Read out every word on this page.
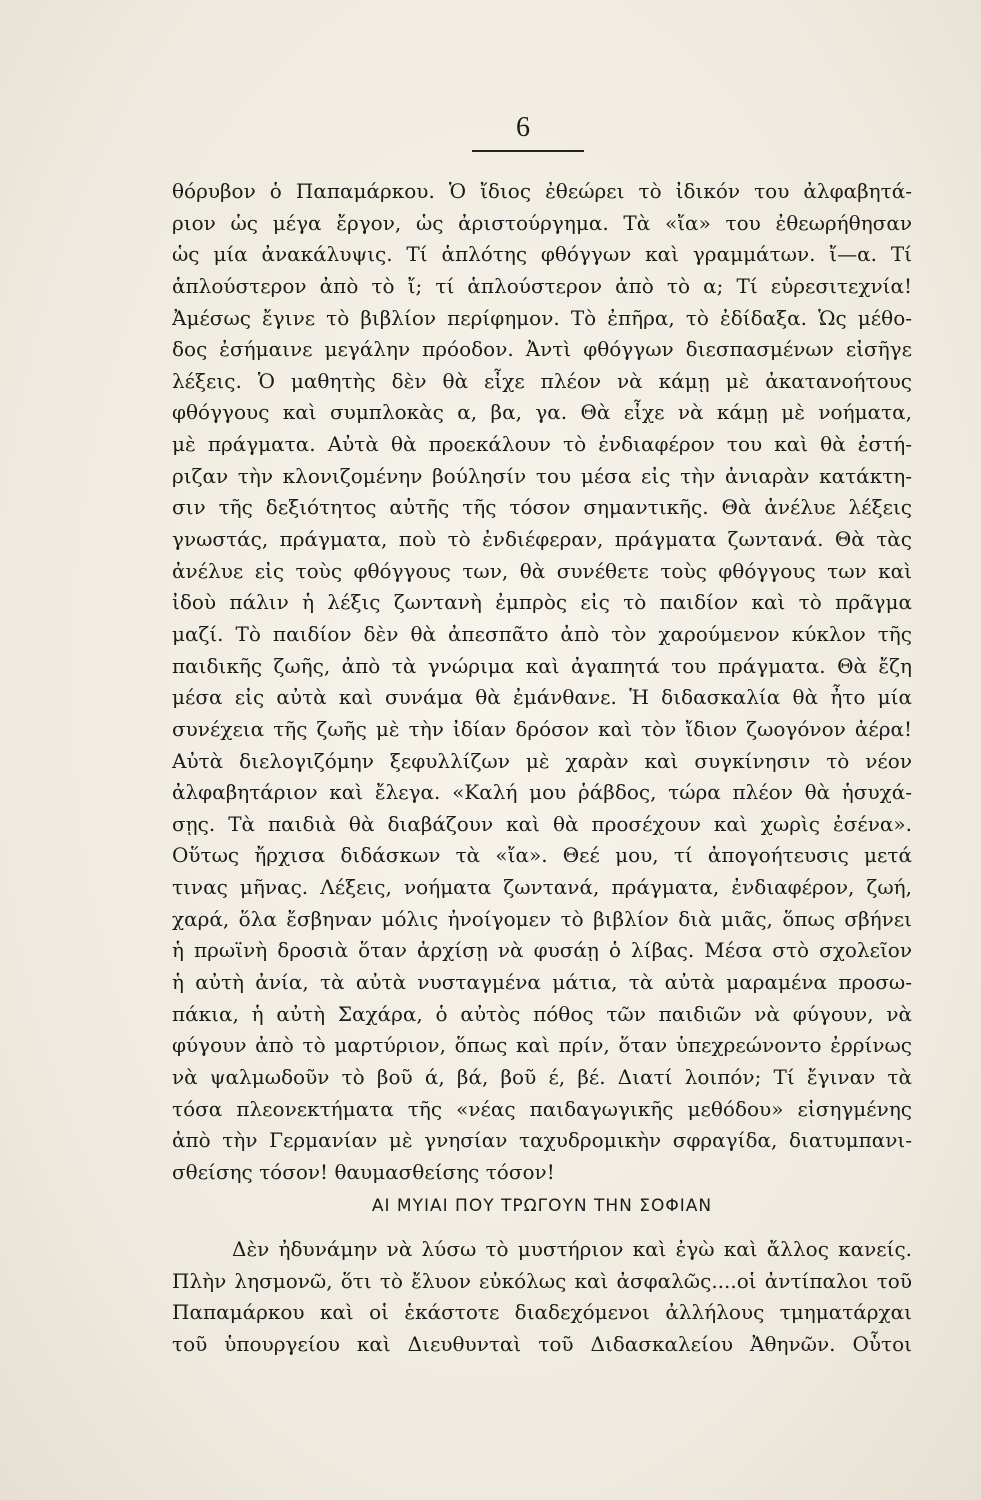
6
θόρυβον ὁ Παπαμάρκου. Ὁ ἴδιος ἐθεώρει τὸ ἰδικόν του ἀλφαβητά-
ριον ὡς μέγα ἔργον, ὡς ἀριστούργημα. Τὰ «ἴα» του ἐθεωρήθησαν
ὡς μία ἀνακάλυψις. Τί ἁπλότης φθόγγων καὶ γραμμάτων. ἴ—α. Τί
ἁπλούστερον ἀπὸ τὸ ἴ; τί ἁπλούστερον ἀπὸ τὸ α; Τί εὑρεσιτεχνία!
Ἀμέσως ἔγινε τὸ βιβλίον περίφημον. Τὸ ἐπῆρα, τὸ ἐδίδαξα. Ὡς μέθο-
δος ἐσήμαινε μεγάλην πρόοδον. Ἀντὶ φθόγγων διεσπασμένων εἰσῆγε
λέξεις. Ὁ μαθητὴς δὲν θὰ εἶχε πλέον νὰ κάμῃ μὲ ἀκατανοήτους
φθόγγους καὶ συμπλοκὰς α, βα, γα. Θὰ εἶχε νὰ κάμῃ μὲ νοήματα,
μὲ πράγματα. Αὐτὰ θὰ προεκάλουν τὸ ἐνδιαφέρον του καὶ θὰ ἐστή-
ριζαν τὴν κλονιζομένην βούλησίν του μέσα εἰς τὴν ἀνιαρὰν κατάκτη-
σιν τῆς δεξιότητος αὐτῆς τῆς τόσον σημαντικῆς. Θὰ ἀνέλυε λέξεις
γνωστάς, πράγματα, ποὺ τὸ ἐνδιέφεραν, πράγματα ζωντανά. Θὰ τὰς
ἀνέλυε εἰς τοὺς φθόγγους των, θὰ συνέθετε τοὺς φθόγγους των καὶ
ἰδοὺ πάλιν ἡ λέξις ζωντανὴ ἐμπρὸς εἰς τὸ παιδίον καὶ τὸ πρᾶγμα
μαζί. Τὸ παιδίον δὲν θὰ ἀπεσπᾶτο ἀπὸ τὸν χαρούμενον κύκλον τῆς
παιδικῆς ζωῆς, ἀπὸ τὰ γνώριμα καὶ ἀγαπητά του πράγματα. Θὰ ἔζη
μέσα εἰς αὐτὰ καὶ συνάμα θὰ ἐμάνθανε. Ἡ διδασκαλία θὰ ἦτο μία
συνέχεια τῆς ζωῆς μὲ τὴν ἰδίαν δρόσον καὶ τὸν ἴδιον ζωογόνον ἀέρα!
Αὐτὰ διελογιζόμην ξεφυλλίζων μὲ χαρὰν καὶ συγκίνησιν τὸ νέον
ἀλφαβητάριον καὶ ἔλεγα. «Καλή μου ῥάβδος, τώρα πλέον θὰ ἡσυχά-
σῃς. Τὰ παιδιὰ θὰ διαβάζουν καὶ θὰ προσέχουν καὶ χωρὶς ἐσένα».
Οὕτως ἤρχισα διδάσκων τὰ «ἴα». Θεέ μου, τί ἀπογοήτευσις μετά
τινας μῆνας. Λέξεις, νοήματα ζωντανά, πράγματα, ἐνδιαφέρον, ζωή,
χαρά, ὅλα ἔσβηναν μόλις ἠνοίγομεν τὸ βιβλίον διὰ μιᾶς, ὅπως σβήνει
ἡ πρωϊνὴ δροσιὰ ὅταν ἀρχίσῃ νὰ φυσάῃ ὁ λίβας. Μέσα στὸ σχολεῖον
ἡ αὐτὴ ἀνία, τὰ αὐτὰ νυσταγμένα μάτια, τὰ αὐτὰ μαραμένα προσω-
πάκια, ἡ αὐτὴ Σαχάρα, ὁ αὐτὸς πόθος τῶν παιδιῶν νὰ φύγουν, νὰ
φύγουν ἀπὸ τὸ μαρτύριον, ὅπως καὶ πρίν, ὅταν ὑπεχρεώνοντο ἐρρίνως
νὰ ψαλμωδοῦν τὸ βοῦ ά, βά, βοῦ έ, βέ. Διατί λοιπόν; Τί ἔγιναν τὰ
τόσα πλεονεκτήματα τῆς «νέας παιδαγωγικῆς μεθόδου» εἰσηγμένης
ἀπὸ τὴν Γερμανίαν μὲ γνησίαν ταχυδρομικὴν σφραγίδα, διατυμπανι-
σθείσης τόσον! θαυμασθείσης τόσον!
ΑΙ ΜΥΙΑΙ ΠΟΥ ΤΡΩΓΟΥΝ ΤΗΝ ΣΟΦΙΑΝ
Δὲν ἠδυνάμην νὰ λύσω τὸ μυστήριον καὶ ἐγὼ καὶ ἄλλος κανείς.
Πλὴν λησμονῶ, ὅτι τὸ ἔλυον εὐκόλως καὶ ἀσφαλῶς....οἱ ἀντίπαλοι τοῦ
Παπαμάρκου καὶ οἱ ἑκάστοτε διαδεχόμενοι ἀλλήλους τμηματάρχαι
τοῦ ὑπουργείου καὶ Διευθυνταὶ τοῦ Διδασκαλείου Ἀθηνῶν. Οὗτοι
